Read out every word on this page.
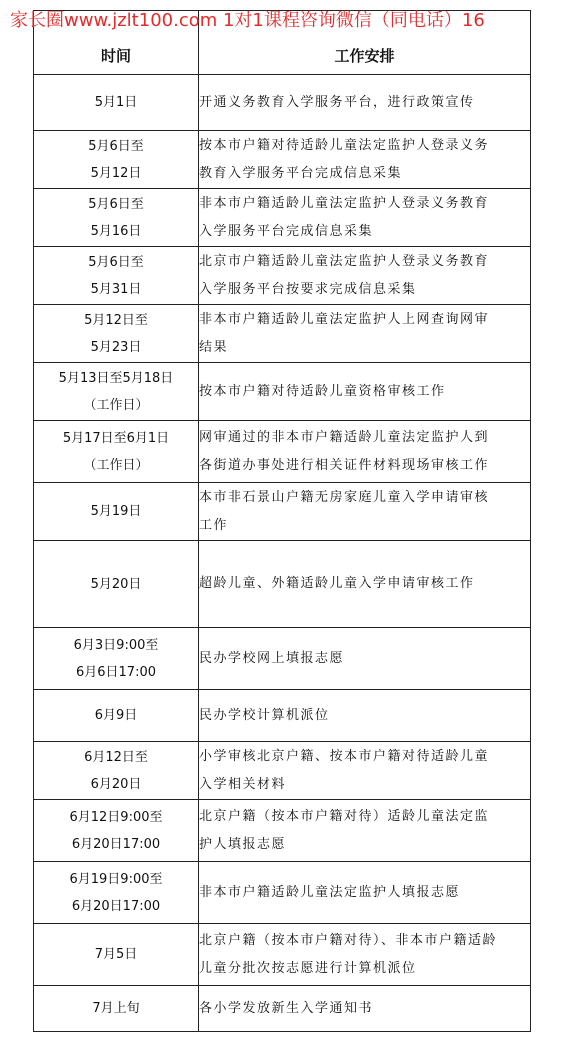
家长圈www.jzlt100.com 1对1课程咨询微信（同电话）16
时间	工作安排

5月1日	开通义务教育入学服务平台，进行政策宣传

5月6日至
5月12日	按本市户籍对待适龄儿童法定监护人登录义务
教育入学服务平台完成信息采集

5月6日至
5月16日	非本市户籍适龄儿童法定监护人登录义务教育
入学服务平台完成信息采集

5月6日至
5月31日	北京市户籍适龄儿童法定监护人登录义务教育
入学服务平台按要求完成信息采集

5月12日至
5月23日	非本市户籍适龄儿童法定监护人上网查询网审
结果

5月13日至5月18日
（工作日）	按本市户籍对待适龄儿童资格审核工作

5月17日至6月1日
（工作日）	网审通过的非本市户籍适龄儿童法定监护人到
各街道办事处进行相关证件材料现场审核工作

5月19日	本市非石景山户籍无房家庭儿童入学申请审核
工作

5月20日	超龄儿童、外籍适龄儿童入学申请审核工作

6月3日9:00至
6月6日17:00	民办学校网上填报志愿

6月9日	民办学校计算机派位

6月12日至
6月20日	小学审核北京户籍、按本市户籍对待适龄儿童
入学相关材料

6月12日9:00至
6月20日17:00	北京户籍（按本市户籍对待）适龄儿童法定监
护人填报志愿

6月19日9:00至
6月20日17:00	非本市户籍适龄儿童法定监护人填报志愿

7月5日	北京户籍（按本市户籍对待）、非本市户籍适龄
儿童分批次按志愿进行计算机派位

7月上旬	各小学发放新生入学通知书
